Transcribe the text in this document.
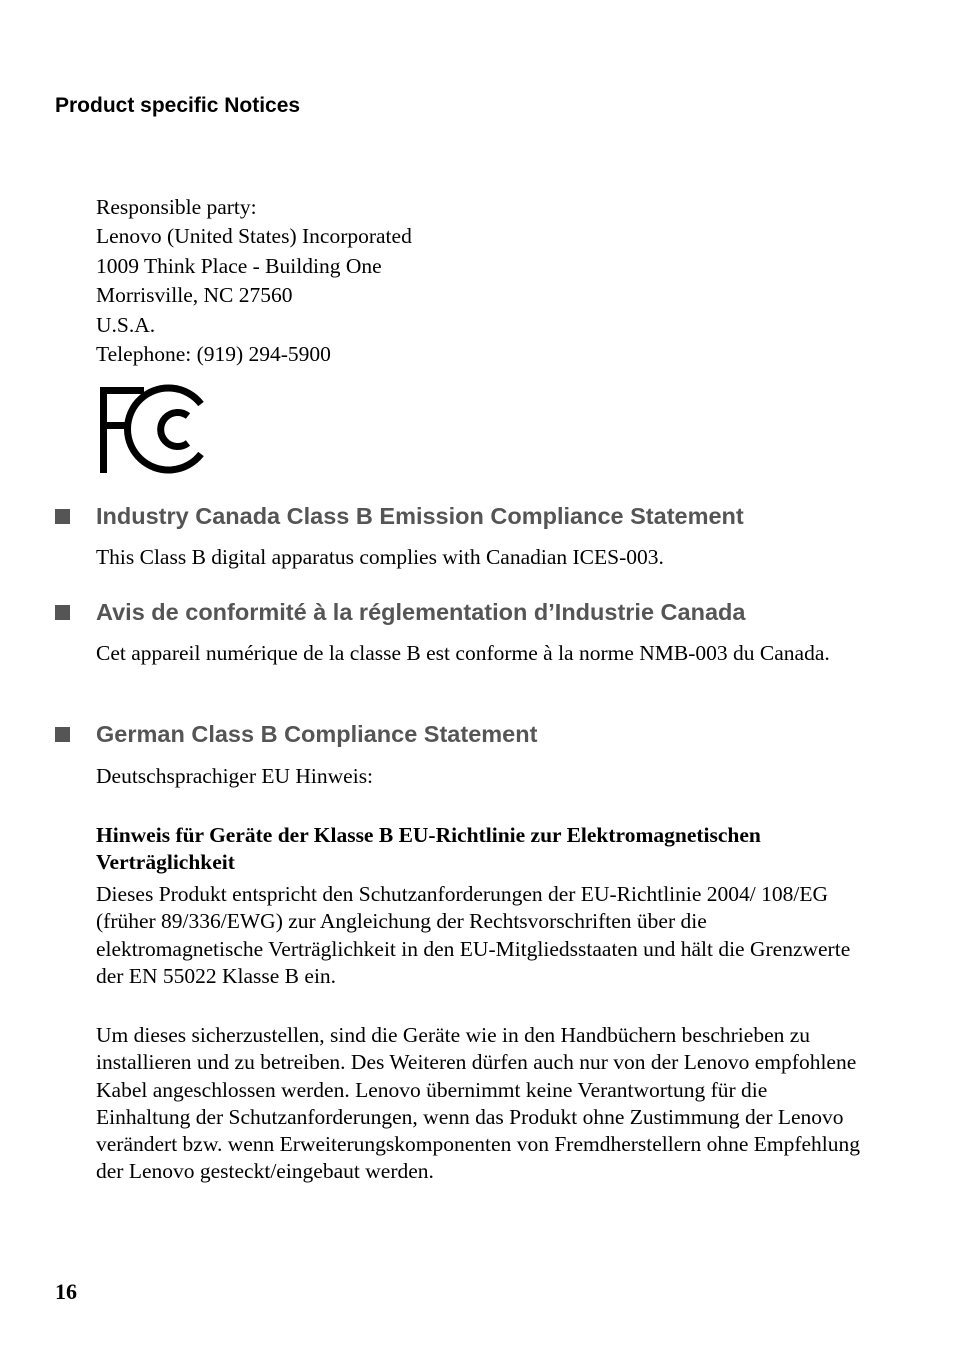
Product specific Notices
Responsible party:
Lenovo (United States) Incorporated
1009 Think Place - Building One
Morrisville, NC 27560
U.S.A.
Telephone: (919) 294-5900
Industry Canada Class B Emission Compliance Statement

This Class B digital apparatus complies with Canadian ICES-003.

Avis de conformité à la réglementation d’Industrie Canada

Cet appareil numérique de la classe B est conforme à la norme NMB-003 du Canada.

German Class B Compliance Statement

Deutschsprachiger EU Hinweis:

Hinweis für Geräte der Klasse B EU-Richtlinie zur Elektromagnetischen Verträglichkeit

Dieses Produkt entspricht den Schutzanforderungen der EU-Richtlinie 2004/ 108/EG (früher 89/336/EWG) zur Angleichung der Rechtsvorschriften über die elektromagnetische Verträglichkeit in den EU-Mitgliedsstaaten und hält die Grenzwerte der EN 55022 Klasse B ein.

Um dieses sicherzustellen, sind die Geräte wie in den Handbüchern beschrieben zu installieren und zu betreiben. Des Weiteren dürfen auch nur von der Lenovo empfohlene Kabel angeschlossen werden. Lenovo übernimmt keine Verantwortung für die Einhaltung der Schutzanforderungen, wenn das Produkt ohne Zustimmung der Lenovo verändert bzw. wenn Erweiterungskomponenten von Fremdherstellern ohne Empfehlung der Lenovo gesteckt/eingebaut werden.

16
